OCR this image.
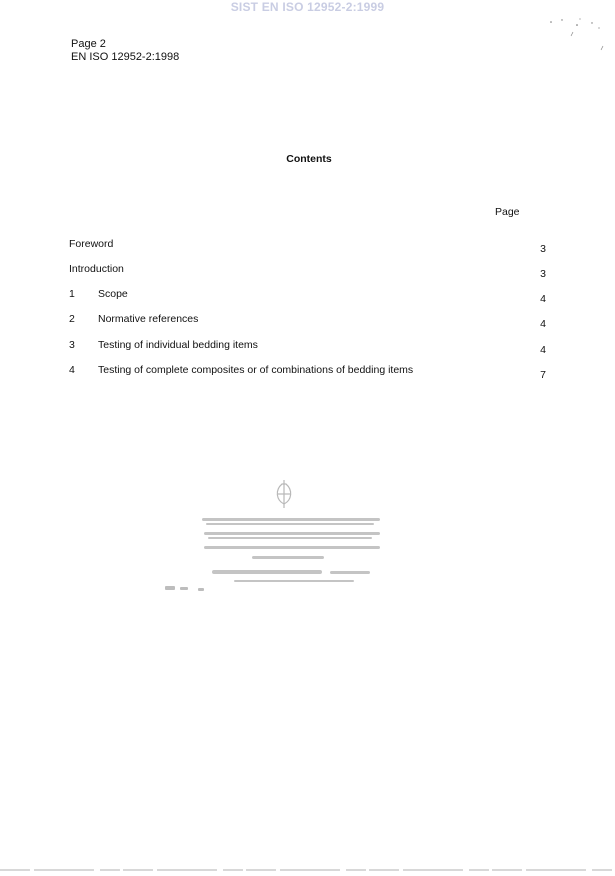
SIST EN ISO 12952-2:1999
Page 2
EN ISO 12952-2:1998
Contents
Page
Foreword	3
Introduction	3
1 Scope	4
2 Normative references	4
3 Testing of individual bedding items	4
4 Testing of complete composites or of combinations of bedding items	7
